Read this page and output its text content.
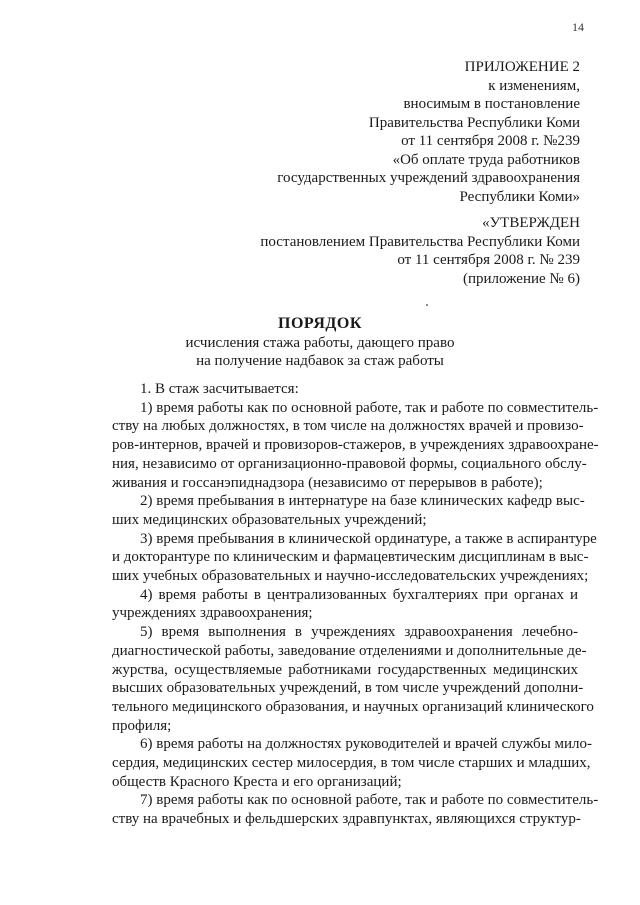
14
ПРИЛОЖЕНИЕ 2
к изменениям,
вносимым в постановление
Правительства Республики Коми
от 11 сентября 2008 г. №239
«Об оплате труда работников
государственных учреждений здравоохранения
Республики Коми»
«УТВЕРЖДЕН
постановлением Правительства Республики Коми
от 11 сентября 2008 г. № 239
(приложение № 6)
ПОРЯДОК
исчисления стажа работы, дающего право
на получение надбавок за стаж работы
1. В стаж засчитывается:
1) время работы как по основной работе, так и работе по совместитель-
ству на любых должностях, в том числе на должностях врачей и провизо-
ров-интернов, врачей и провизоров-стажеров, в учреждениях здравоохране-
ния, независимо от организационно-правовой формы, социального обслу-
живания и госсанэпиднадзора (независимо от перерывов в работе);
2) время пребывания в интернатуре на базе клинических кафедр выс-
ших медицинских образовательных учреждений;
3) время пребывания в клинической ординатуре, а также в аспирантуре
и докторантуре по клиническим и фармацевтическим дисциплинам в выс-
ших учебных образовательных и научно-исследовательских учреждениях;
4) время работы в централизованных бухгалтериях при органах и
учреждениях здравоохранения;
5) время выполнения в учреждениях здравоохранения лечебно-
диагностической работы, заведование отделениями и дополнительные де-
журства, осуществляемые работниками государственных медицинских
высших образовательных учреждений, в том числе учреждений дополни-
тельного медицинского образования, и научных организаций клинического
профиля;
6) время работы на должностях руководителей и врачей службы мило-
сердия, медицинских сестер милосердия, в том числе старших и младших,
обществ Красного Креста и его организаций;
7) время работы как по основной работе, так и работе по совместитель-
ству на врачебных и фельдшерских здравпунктах, являющихся структур-
